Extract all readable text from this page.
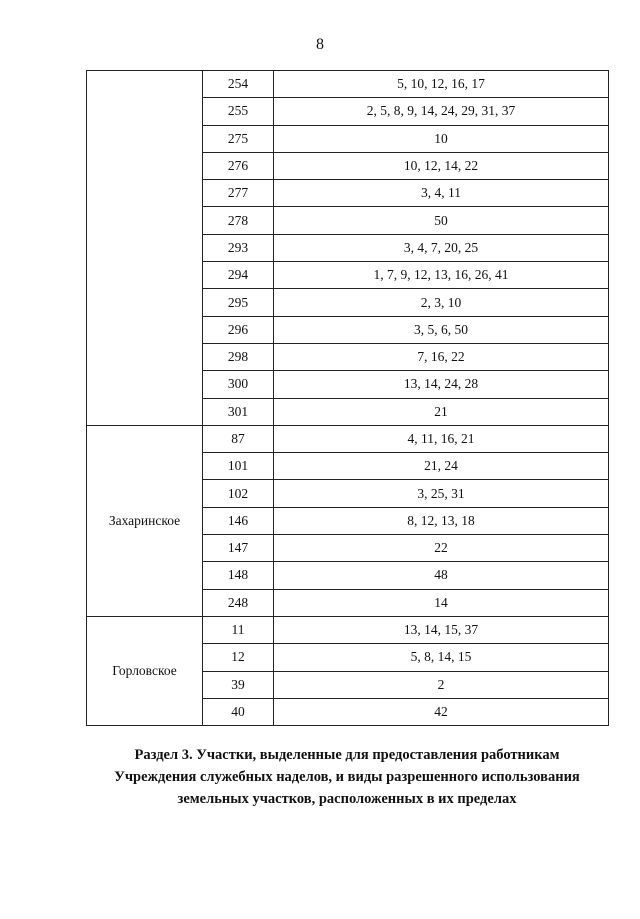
8
	254	5, 10, 12, 16, 17
	255	2, 5, 8, 9, 14, 24, 29, 31, 37
	275	10
	276	10, 12, 14, 22
	277	3, 4, 11
	278	50
	293	3, 4, 7, 20, 25
	294	1, 7, 9, 12, 13, 16, 26, 41
	295	2, 3, 10
	296	3, 5, 6, 50
	298	7, 16, 22
	300	13, 14, 24, 28
	301	21
Захаринское	87	4, 11, 16, 21
	101	21, 24
	102	3, 25, 31
	146	8, 12, 13, 18
	147	22
	148	48
	248	14
Горловское	11	13, 14, 15, 37
	12	5, 8, 14, 15
	39	2
	40	42
Раздел 3. Участки, выделенные для предоставления работникам
Учреждения служебных наделов, и виды разрешенного использования
земельных участков, расположенных в их пределах
